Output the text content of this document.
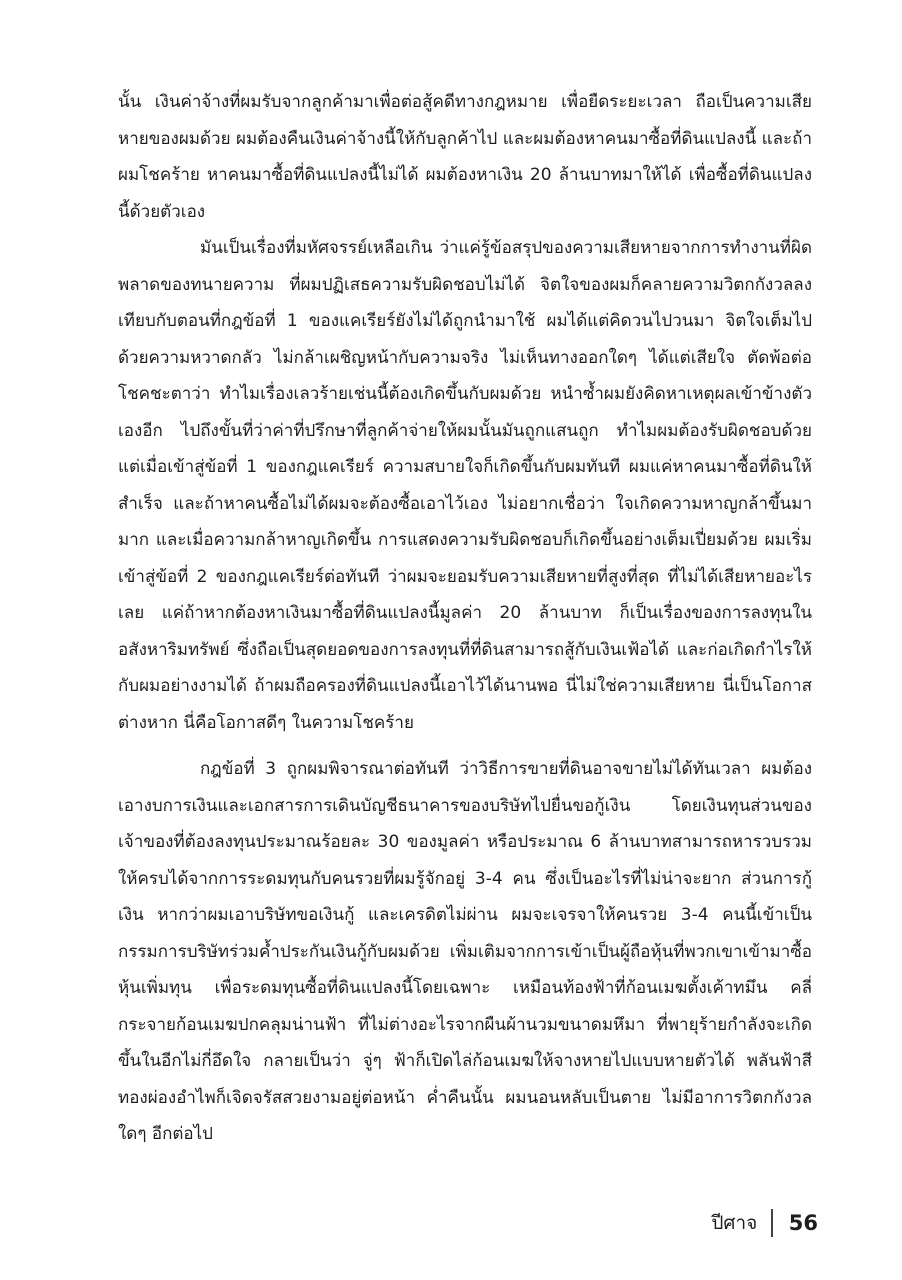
นั้น เงินค่าจ้างที่ผมรับจากลูกค้ามาเพื่อต่อสู้คดีทางกฎหมาย เพื่อยืดระยะเวลา ถือเป็นความเสียหายของผมด้วย ผมต้องคืนเงินค่าจ้างนี้ให้กับลูกค้าไป และผมต้องหาคนมาซื้อที่ดินแปลงนี้ และถ้าผมโชคร้าย หาคนมาซื้อที่ดินแปลงนี้ไม่ได้ ผมต้องหาเงิน 20 ล้านบาทมาให้ได้ เพื่อซื้อที่ดินแปลงนี้ด้วยตัวเอง

มันเป็นเรื่องที่มหัศจรรย์เหลือเกิน ว่าแค่รู้ข้อสรุปของความเสียหายจากการทำงานที่ผิดพลาดของทนายความ ที่ผมปฏิเสธความรับผิดชอบไม่ได้ จิตใจของผมก็คลายความวิตกกังวลลง เทียบกับตอนที่กฎข้อที่ 1 ของแคเรียร์ยังไม่ได้ถูกนำมาใช้ ผมได้แต่คิดวนไปวนมา จิตใจเต็มไปด้วยความหวาดกลัว ไม่กล้าเผชิญหน้ากับความจริง ไม่เห็นทางออกใดๆ ได้แต่เสียใจ ตัดพ้อต่อโชคชะตาว่า ทำไมเรื่องเลวร้ายเช่นนี้ต้องเกิดขึ้นกับผมด้วย หนำซ้ำผมยังคิดหาเหตุผลเข้าข้างตัวเองอีก ไปถึงขั้นที่ว่าค่าที่ปรึกษาที่ลูกค้าจ่ายให้ผมนั้นมันถูกแสนถูก ทำไมผมต้องรับผิดชอบด้วย แต่เมื่อเข้าสู่ข้อที่ 1 ของกฎแคเรียร์ ความสบายใจก็เกิดขึ้นกับผมทันที ผมแค่หาคนมาซื้อที่ดินให้สำเร็จ และถ้าหาคนซื้อไม่ได้ผมจะต้องซื้อเอาไว้เอง ไม่อยากเชื่อว่า ใจเกิดความหาญกล้าขึ้นมามาก และเมื่อความกล้าหาญเกิดขึ้น การแสดงความรับผิดชอบก็เกิดขึ้นอย่างเต็มเปี่ยมด้วย ผมเริ่มเข้าสู่ข้อที่ 2 ของกฎแคเรียร์ต่อทันที ว่าผมจะยอมรับความเสียหายที่สูงที่สุด ที่ไม่ได้เสียหายอะไรเลย แค่ถ้าหากต้องหาเงินมาซื้อที่ดินแปลงนี้มูลค่า 20 ล้านบาท ก็เป็นเรื่องของการลงทุนในอสังหาริมทรัพย์ ซึ่งถือเป็นสุดยอดของการลงทุนที่ที่ดินสามารถสู้กับเงินเฟ้อได้ และก่อเกิดกำไรให้กับผมอย่างงามได้ ถ้าผมถือครองที่ดินแปลงนี้เอาไว้ได้นานพอ นี่ไม่ใช่ความเสียหาย นี่เป็นโอกาสต่างหาก นี่คือโอกาสดีๆ ในความโชคร้าย

กฎข้อที่ 3 ถูกผมพิจารณาต่อทันที ว่าวิธีการขายที่ดินอาจขายไม่ได้ทันเวลา ผมต้องเอางบการเงินและเอกสารการเดินบัญชีธนาคารของบริษัทไปยื่นขอกู้เงิน โดยเงินทุนส่วนของเจ้าของที่ต้องลงทุนประมาณร้อยละ 30 ของมูลค่า หรือประมาณ 6 ล้านบาทสามารถหารวบรวมให้ครบได้จากการระดมทุนกับคนรวยที่ผมรู้จักอยู่ 3-4 คน ซึ่งเป็นอะไรที่ไม่น่าจะยาก ส่วนการกู้เงิน หากว่าผมเอาบริษัทขอเงินกู้ และเครดิตไม่ผ่าน ผมจะเจรจาให้คนรวย 3-4 คนนี้เข้าเป็นกรรมการบริษัทร่วมค้ำประกันเงินกู้กับผมด้วย เพิ่มเติมจากการเข้าเป็นผู้ถือหุ้นที่พวกเขาเข้ามาซื้อหุ้นเพิ่มทุน เพื่อระดมทุนซื้อที่ดินแปลงนี้โดยเฉพาะ เหมือนท้องฟ้าที่ก้อนเมฆตั้งเค้าทมึน คลี่กระจายก้อนเมฆปกคลุมน่านฟ้า ที่ไม่ต่างอะไรจากผืนผ้านวมขนาดมหึมา ที่พายุร้ายกำลังจะเกิดขึ้นในอีกไม่กี่อึดใจ กลายเป็นว่า จู่ๆ ฟ้าก็เปิดไล่ก้อนเมฆให้จางหายไปแบบหายตัวได้ พลันฟ้าสีทองผ่องอำไพก็เจิดจรัสสวยงามอยู่ต่อหน้า ค่ำคืนนั้น ผมนอนหลับเป็นตาย ไม่มีอาการวิตกกังวลใดๆ อีกต่อไป

ปีศาจ 56
